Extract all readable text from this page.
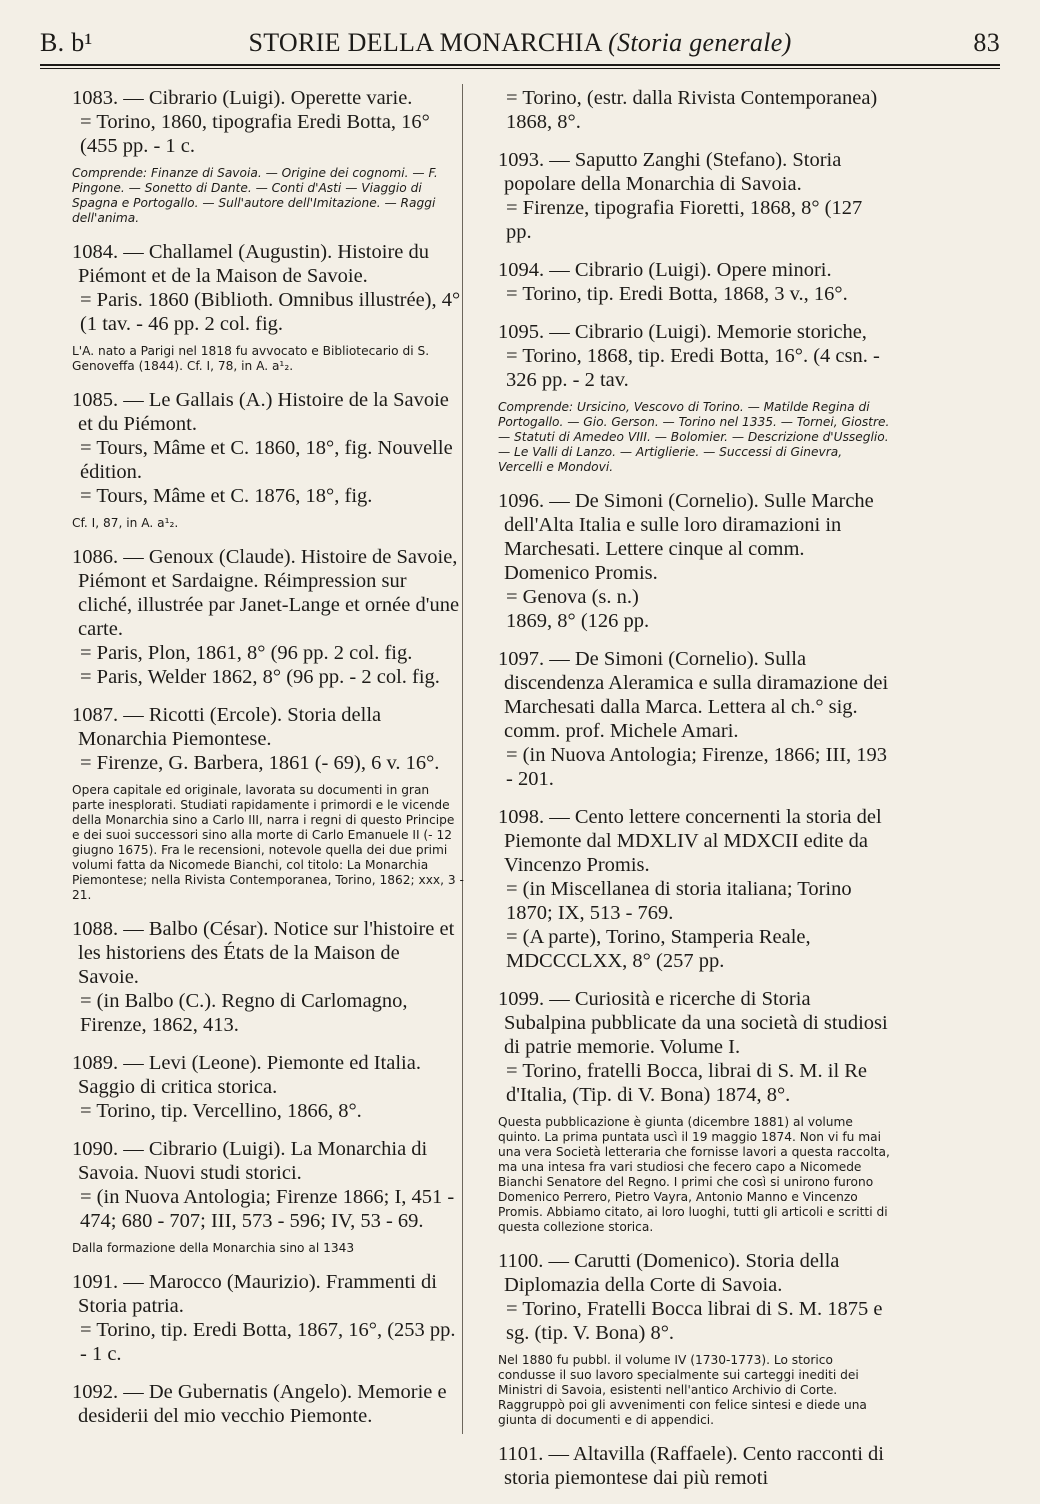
B. b¹	STORIE DELLA MONARCHIA (Storia generale)	83
1083. — Cibrario (Luigi). Operette varie.
= Torino, 1860, tipografia Eredi Botta, 16° (455 pp. - 1 c.
Comprende: Finanze di Savoia. — Origine dei cognomi. — F. Pingone. — Sonetto di Dante. — Conti d'Asti — Viaggio di Spagna e Portogallo. — Sull'autore dell'Imitazione. — Raggi dell'anima.
1084. — Challamel (Augustin). Histoire du Piémont et de la Maison de Savoie.
= Paris. 1860 (Biblioth. Omnibus illustrée), 4° (1 tav. - 46 pp. 2 col. fig.
L'A. nato a Parigi nel 1818 fu avvocato e Bibliotecario di S. Genoveffa (1844). Cf. I, 78, in A. a¹₂.
1085. — Le Gallais (A.) Histoire de la Savoie et du Piémont.
= Tours, Mâme et C. 1860, 18°, fig. Nouvelle édition.
= Tours, Mâme et C. 1876, 18°, fig.
Cf. I, 87, in A. a¹₂.
1086. — Genoux (Claude). Histoire de Savoie, Piémont et Sardaigne. Réimpression sur cliché, illustrée par Janet-Lange et ornée d'une carte.
= Paris, Plon, 1861, 8° (96 pp. 2 col. fig.
= Paris, Welder 1862, 8° (96 pp. - 2 col. fig.
1087. — Ricotti (Ercole). Storia della Monarchia Piemontese.
= Firenze, G. Barbera, 1861 (- 69), 6 v. 16°.
Opera capitale ed originale, lavorata su documenti in gran parte inesplorati. Studiati rapidamente i primordi e le vicende della Monarchia sino a Carlo III, narra i regni di questo Principe e dei suoi successori sino alla morte di Carlo Emanuele II (- 12 giugno 1675). Fra le recensioni, notevole quella dei due primi volumi fatta da Nicomede Bianchi, col titolo: La Monarchia Piemontese; nella Rivista Contemporanea, Torino, 1862; xxx, 3 - 21.
1088. — Balbo (César). Notice sur l'histoire et les historiens des États de la Maison de Savoie.
= (in Balbo (C.). Regno di Carlomagno, Firenze, 1862, 413.
1089. — Levi (Leone). Piemonte ed Italia. Saggio di critica storica.
= Torino, tip. Vercellino, 1866, 8°.
1090. — Cibrario (Luigi). La Monarchia di Savoia. Nuovi studi storici.
= (in Nuova Antologia; Firenze 1866; I, 451 - 474; 680 - 707; III, 573 - 596; IV, 53 - 69.
Dalla formazione della Monarchia sino al 1343
1091. — Marocco (Maurizio). Frammenti di Storia patria.
= Torino, tip. Eredi Botta, 1867, 16°, (253 pp. - 1 c.
1092. — De Gubernatis (Angelo). Memorie e desiderii del mio vecchio Piemonte.
= Torino, (estr. dalla Rivista Contemporanea) 1868, 8°.
1093. — Saputto Zanghi (Stefano). Storia popolare della Monarchia di Savoia.
= Firenze, tipografia Fioretti, 1868, 8° (127 pp.
1094. — Cibrario (Luigi). Opere minori.
= Torino, tip. Eredi Botta, 1868, 3 v., 16°.
1095. — Cibrario (Luigi). Memorie storiche,
= Torino, 1868, tip. Eredi Botta, 16°. (4 csn. - 326 pp. - 2 tav.
Comprende: Ursicino, Vescovo di Torino. — Matilde Regina di Portogallo. — Gio. Gerson. — Torino nel 1335. — Tornei, Giostre. — Statuti di Amedeo VIII. — Bolomier. — Descrizione d'Usseglio. — Le Valli di Lanzo. — Artiglierie. — Successi di Ginevra, Vercelli e Mondovi.
1096. — De Simoni (Cornelio). Sulle Marche dell'Alta Italia e sulle loro diramazioni in Marchesati. Lettere cinque al comm. Domenico Promis.
= Genova (s. n.)
1869, 8° (126 pp.
1097. — De Simoni (Cornelio). Sulla discendenza Aleramica e sulla diramazione dei Marchesati dalla Marca. Lettera al ch.° sig. comm. prof. Michele Amari.
= (in Nuova Antologia; Firenze, 1866; III, 193 - 201.
1098. — Cento lettere concernenti la storia del Piemonte dal MDXLIV al MDXCII edite da Vincenzo Promis.
= (in Miscellanea di storia italiana; Torino 1870; IX, 513 - 769.
= (A parte), Torino, Stamperia Reale, MDCCCLXX, 8° (257 pp.
1099. — Curiosità e ricerche di Storia Subalpina pubblicate da una società di studiosi di patrie memorie. Volume I.
= Torino, fratelli Bocca, librai di S. M. il Re d'Italia, (Tip. di V. Bona) 1874, 8°.
Questa pubblicazione è giunta (dicembre 1881) al volume quinto. La prima puntata uscì il 19 maggio 1874. Non vi fu mai una vera Società letteraria che fornisse lavori a questa raccolta, ma una intesa fra vari studiosi che fecero capo a Nicomede Bianchi Senatore del Regno. I primi che così si unirono furono Domenico Perrero, Pietro Vayra, Antonio Manno e Vincenzo Promis. Abbiamo citato, ai loro luoghi, tutti gli articoli e scritti di questa collezione storica.
1100. — Carutti (Domenico). Storia della Diplomazia della Corte di Savoia.
= Torino, Fratelli Bocca librai di S. M. 1875 e sg. (tip. V. Bona) 8°.
Nel 1880 fu pubbl. il volume IV (1730-1773). Lo storico condusse il suo lavoro specialmente sui carteggi inediti dei Ministri di Savoia, esistenti nell'antico Archivio di Corte. Raggruppò poi gli avvenimenti con felice sintesi e diede una giunta di documenti e di appendici.
1101. — Altavilla (Raffaele). Cento racconti di storia piemontese dai più remoti
